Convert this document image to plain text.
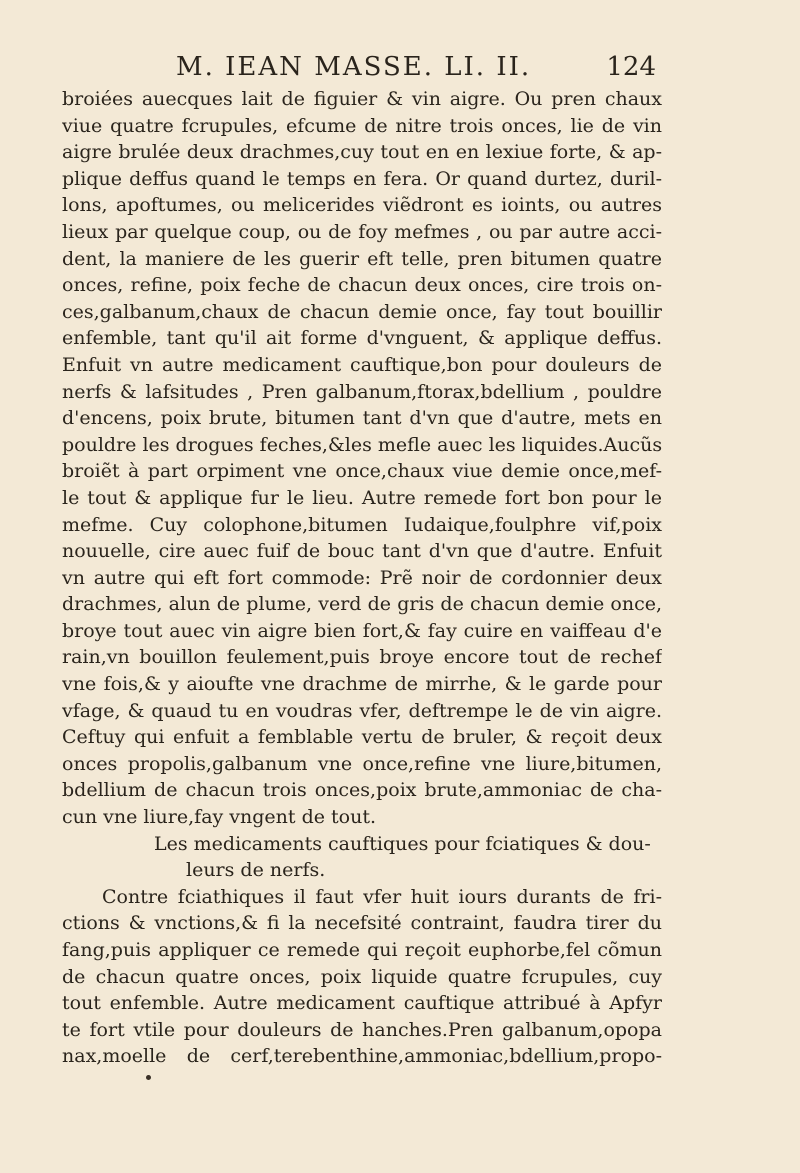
M. IEAN MASSE. LI. II.	124
broiées auecques lait de figuier & vin aigre. Ou pren chaux
viue quatre fcrupules, efcume de nitre trois onces, lie de vin
aigre brulée deux drachmes,cuy tout en en lexiue forte, & ap-
plique deffus quand le temps en fera. Or quand durtez, duril-
lons, apoftumes, ou melicerides viẽdront es ioints, ou autres
lieux par quelque coup, ou de foy mefmes , ou par autre acci-
dent, la maniere de les guerir eft telle, pren bitumen quatre
onces, refine, poix feche de chacun deux onces, cire trois on-
ces,galbanum,chaux de chacun demie once, fay tout bouillir
enfemble, tant qu'il ait forme d'vnguent, & applique deffus.
Enfuit vn autre medicament cauftique,bon pour douleurs de
nerfs & lafsitudes , Pren galbanum,ftorax,bdellium , pouldre
d'encens, poix brute, bitumen tant d'vn que d'autre, mets en
pouldre les drogues feches,&les mefle auec les liquides.Aucũs
broiẽt à part orpiment vne once,chaux viue demie once,mef-
le tout & applique fur le lieu. Autre remede fort bon pour le
mefme. Cuy colophone,bitumen Iudaique,foulphre vif,poix
nouuelle, cire auec fuif de bouc tant d'vn que d'autre. Enfuit
vn autre qui eft fort commode: Prẽ noir de cordonnier deux
drachmes, alun de plume, verd de gris de chacun demie once,
broye tout auec vin aigre bien fort,& fay cuire en vaiffeau d'e
rain,vn bouillon feulement,puis broye encore tout de rechef
vne fois,& y aioufte vne drachme de mirrhe, & le garde pour
vfage, & quaud tu en voudras vfer, deftrempe le de vin aigre.
Ceftuy qui enfuit a femblable vertu de bruler, & reçoit deux
onces propolis,galbanum vne once,refine vne liure,bitumen,
bdellium de chacun trois onces,poix brute,ammoniac de cha-
cun vne liure,fay vngent de tout.
Les medicaments cauftiques pour fciatiques & dou-
leurs de nerfs.
Contre fciathiques il faut vfer huit iours durants de fri-
ctions & vnctions,& fi la necefsité contraint, faudra tirer du
fang,puis appliquer ce remede qui reçoit euphorbe,fel cõmun
de chacun quatre onces, poix liquide quatre fcrupules, cuy
tout enfemble. Autre medicament cauftique attribué à Apfyr
te fort vtile pour douleurs de hanches.Pren galbanum,opopa
nax,moelle de cerf,terebenthine,ammoniac,bdellium,propo-
